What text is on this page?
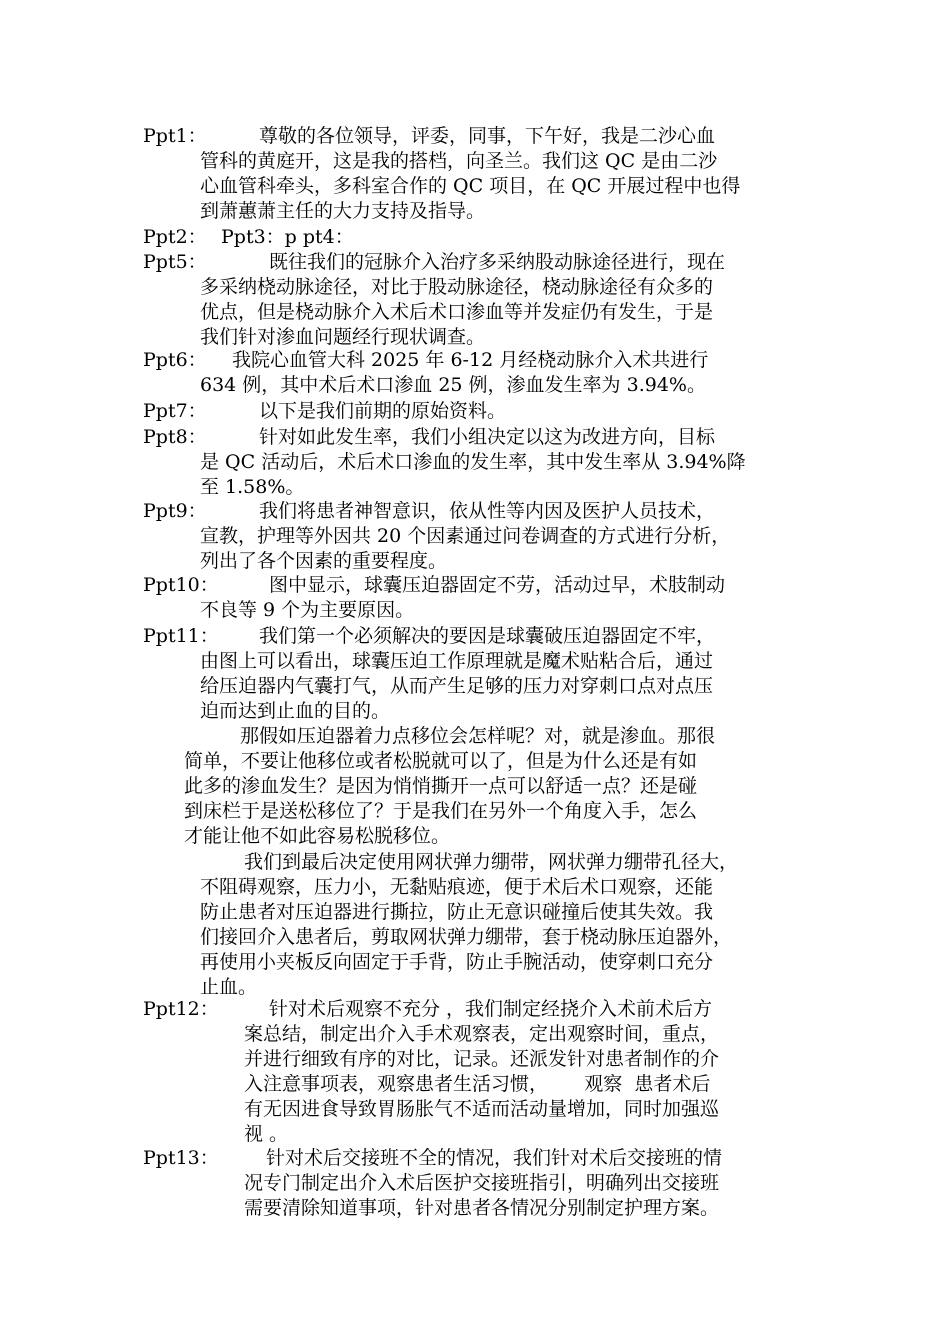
Ppt1：	尊敬的各位领导，评委，同事，下午好，我是二沙心血
管科的黄庭开，这是我的搭档，向圣兰。我们这 QC 是由二沙
心血管科牵头，多科室合作的 QC 项目，在 QC 开展过程中也得
到萧蕙萧主任的大力支持及指导。
Ppt2： Ppt3：p pt4：
Ppt5：	既往我们的冠脉介入治疗多采纳股动脉途径进行，现在
多采纳桡动脉途径，对比于股动脉途径，桡动脉途径有众多的
优点，但是桡动脉介入术后术口渗血等并发症仍有发生，于是
我们针对渗血问题经行现状调查。
Ppt6： 我院心血管大科 2025 年 6-12 月经桡动脉介入术共进行
634 例，其中术后术口渗血 25 例，渗血发生率为 3.94%。
Ppt7：	以下是我们前期的原始资料。
Ppt8：	针对如此发生率，我们小组决定以这为改进方向，目标
是 QC 活动后，术后术口渗血的发生率，其中发生率从 3.94%降
至 1.58%。
Ppt9：	我们将患者神智意识，依从性等内因及医护人员技术，
宣教，护理等外因共 20 个因素通过问卷调查的方式进行分析，
列出了各个因素的重要程度。
Ppt10：	图中显示，球囊压迫器固定不劳，活动过早，术肢制动
不良等 9 个为主要原因。
Ppt11： 我们第一个必须解决的要因是球囊破压迫器固定不牢，
由图上可以看出，球囊压迫工作原理就是魔术贴粘合后，通过
给压迫器内气囊打气，从而产生足够的压力对穿刺口点对点压
迫而达到止血的目的。
那假如压迫器着力点移位会怎样呢？对，就是渗血。那很
简单，不要让他移位或者松脱就可以了，但是为什么还是有如
此多的渗血发生？是因为悄悄撕开一点可以舒适一点？还是碰
到床栏于是送松移位了？于是我们在另外一个角度入手，怎么
才能让他不如此容易松脱移位。
我们到最后决定使用网状弹力绷带，网状弹力绷带孔径大，
不阻碍观察，压力小，无黏贴痕迹，便于术后术口观察，还能
防止患者对压迫器进行撕拉，防止无意识碰撞后使其失效。我
们接回介入患者后，剪取网状弹力绷带，套于桡动脉压迫器外，
再使用小夹板反向固定于手背，防止手腕活动，使穿刺口充分
止血。
Ppt12：	针对术后观察不充分 ，我们制定经挠介入术前术后方
案总结，制定出介入手术观察表，定出观察时间，重点，
并进行细致有序的对比，记录。还派发针对患者制作的介
入注意事项表，观察患者生活习惯，      观察  患者术后
有无因进食导致胃肠胀气不适而活动量增加，同时加强巡
视 。
Ppt13： 针对术后交接班不全的情况，我们针对术后交接班的情
况专门制定出介入术后医护交接班指引，明确列出交接班
需要清除知道事项，针对患者各情况分别制定护理方案。
